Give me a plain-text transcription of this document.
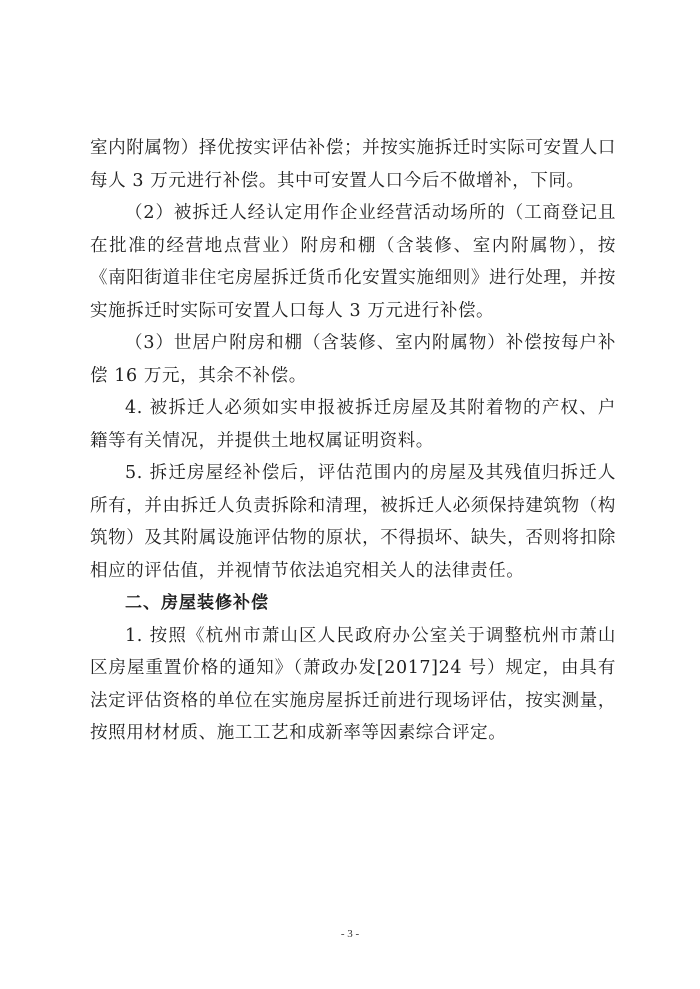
室内附属物）择优按实评估补偿；并按实施拆迁时实际可安置人口每人 3 万元进行补偿。其中可安置人口今后不做增补，下同。

（2）被拆迁人经认定用作企业经营活动场所的（工商登记且在批准的经营地点营业）附房和棚（含装修、室内附属物），按《南阳街道非住宅房屋拆迁货币化安置实施细则》进行处理，并按实施拆迁时实际可安置人口每人 3 万元进行补偿。

（3）世居户附房和棚（含装修、室内附属物）补偿按每户补偿 16 万元，其余不补偿。

4. 被拆迁人必须如实申报被拆迁房屋及其附着物的产权、户籍等有关情况，并提供土地权属证明资料。

5. 拆迁房屋经补偿后，评估范围内的房屋及其残值归拆迁人所有，并由拆迁人负责拆除和清理，被拆迁人必须保持建筑物（构筑物）及其附属设施评估物的原状，不得损坏、缺失，否则将扣除相应的评估值，并视情节依法追究相关人的法律责任。

二、房屋装修补偿

1. 按照《杭州市萧山区人民政府办公室关于调整杭州市萧山区房屋重置价格的通知》（萧政办发[2017]24 号）规定，由具有法定评估资格的单位在实施房屋拆迁前进行现场评估，按实测量，按照用材材质、施工工艺和成新率等因素综合评定。

- 3 -
